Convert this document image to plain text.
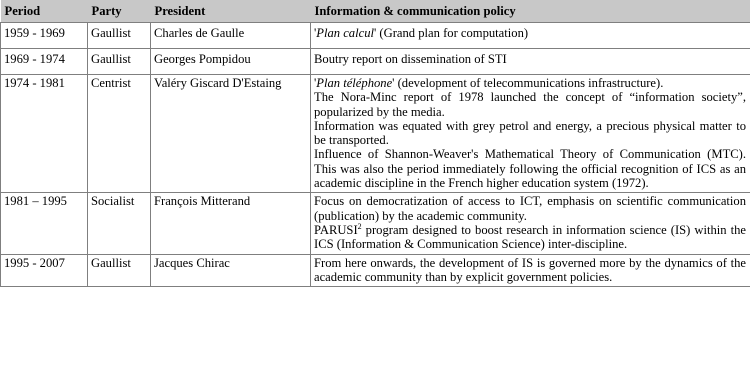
Period	Party	President	Information & communication policy
1959 - 1969	Gaullist	Charles de Gaulle	'Plan calcul' (Grand plan for computation)
1969 - 1974	Gaullist	Georges Pompidou	Boutry report on dissemination of STI
1974 - 1981	Centrist	Valéry Giscard D'Estaing	'Plan téléphone' (development of telecommunications infrastructure).

The Nora-Minc report of 1978 launched the concept of “information society”, popularized by the media.

Information was equated with grey petrol and energy, a precious physical matter to be transported.

Influence of Shannon-Weaver's Mathematical Theory of Communication (MTC). This was also the period immediately following the official recognition of ICS as an academic discipline in the French higher education system (1972).

1981 – 1995	Socialist	François Mitterand	Focus on democratization of access to ICT, emphasis on scientific communication (publication) by the academic community.

PARUSI$^2$ program designed to boost research in information science (IS) within the ICS (Information & Communication Science) inter-discipline.

1995 - 2007	Gaullist	Jacques Chirac	From here onwards, the development of IS is governed more by the dynamics of the academic community than by explicit government policies.
